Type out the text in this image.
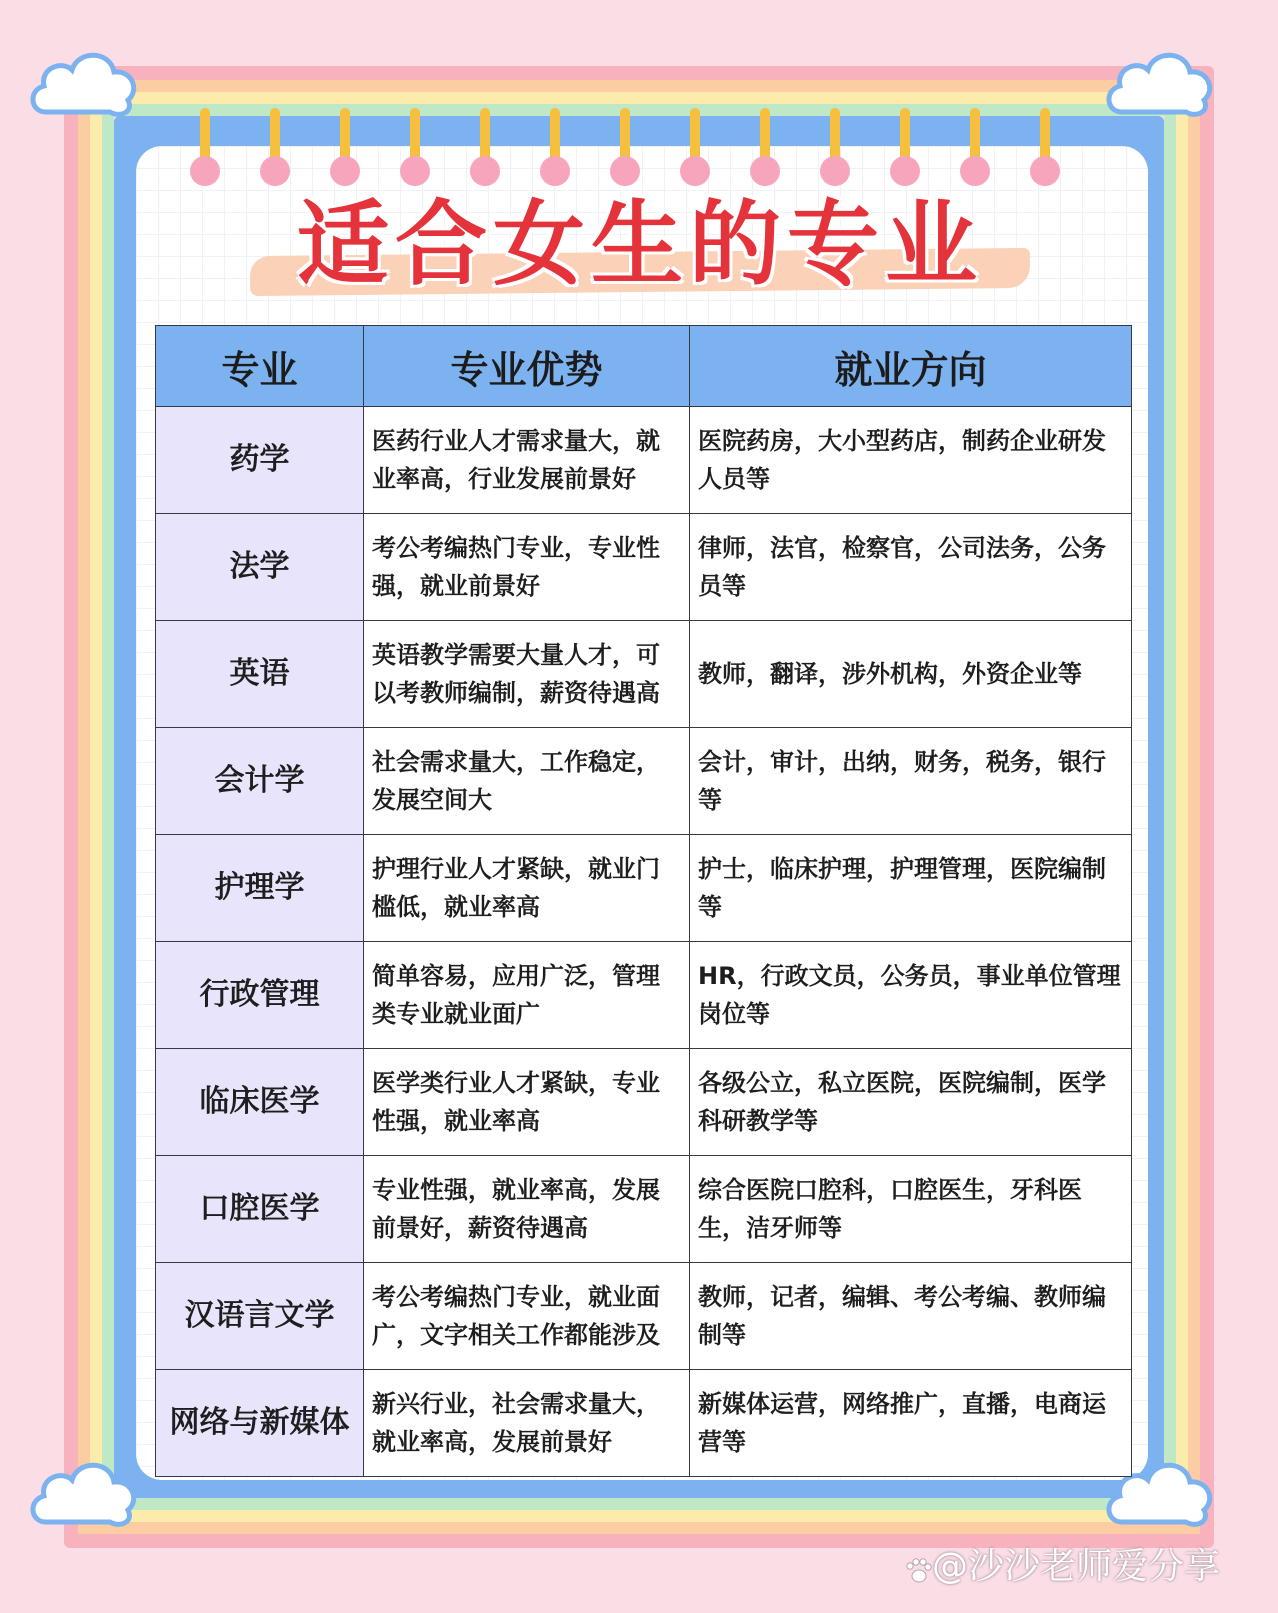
适合女生的专业
专业	专业优势	就业方向
药学	医药行业人才需求量大，就业率高，行业发展前景好	医院药房，大小型药店，制药企业研发人员等
法学	考公考编热门专业，专业性强，就业前景好	律师，法官，检察官，公司法务，公务员等
英语	英语教学需要大量人才，可以考教师编制，薪资待遇高	教师，翻译，涉外机构，外资企业等
会计学	社会需求量大，工作稳定，发展空间大	会计，审计，出纳，财务，税务，银行等
护理学	护理行业人才紧缺，就业门槛低，就业率高	护士，临床护理，护理管理，医院编制等
行政管理	简单容易，应用广泛，管理类专业就业面广	HR，行政文员，公务员，事业单位管理岗位等
临床医学	医学类行业人才紧缺，专业性强，就业率高	各级公立，私立医院，医院编制，医学科研教学等
口腔医学	专业性强，就业率高，发展前景好，薪资待遇高	综合医院口腔科，口腔医生，牙科医生，洁牙师等
汉语言文学	考公考编热门专业，就业面广，文字相关工作都能涉及	教师，记者，编辑、考公考编、教师编制等
网络与新媒体	新兴行业，社会需求量大，就业率高，发展前景好	新媒体运营，网络推广，直播，电商运营等
@沙沙老师爱分享
